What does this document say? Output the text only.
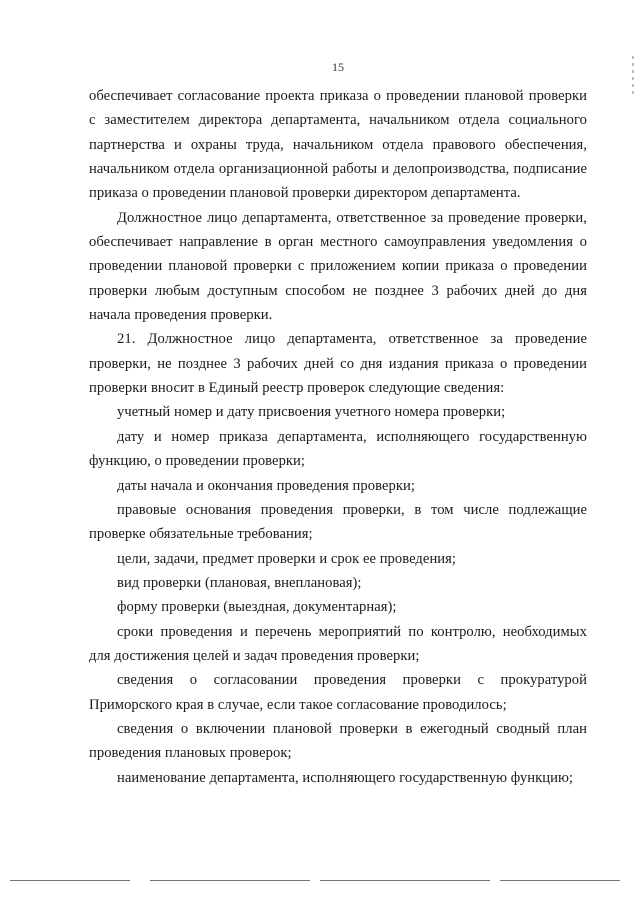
15

обеспечивает согласование проекта приказа о проведении плановой проверки с заместителем директора департамента, начальником отдела социального партнерства и охраны труда, начальником отдела правового обеспечения, начальником отдела организационной работы и делопроизводства, подписание приказа о проведении плановой проверки директором департамента.

Должностное лицо департамента, ответственное за проведение проверки, обеспечивает направление в орган местного самоуправления уведомления о проведении плановой проверки с приложением копии приказа о проведении проверки любым доступным способом не позднее 3 рабочих дней до дня начала проведения проверки.

21. Должностное лицо департамента, ответственное за проведение проверки, не позднее 3 рабочих дней со дня издания приказа о проведении проверки вносит в Единый реестр проверок следующие сведения:

учетный номер и дату присвоения учетного номера проверки;

дату и номер приказа департамента, исполняющего государственную функцию, о проведении проверки;

даты начала и окончания проведения проверки;

правовые основания проведения проверки, в том числе подлежащие проверке обязательные требования;

цели, задачи, предмет проверки и срок ее проведения;

вид проверки (плановая, внеплановая);

форму проверки (выездная, документарная);

сроки проведения и перечень мероприятий по контролю, необходимых для достижения целей и задач проведения проверки;

сведения о согласовании проведения проверки с прокуратурой Приморского края в случае, если такое согласование проводилось;

сведения о включении плановой проверки в ежегодный сводный план проведения плановых проверок;

наименование департамента, исполняющего государственную функцию;
